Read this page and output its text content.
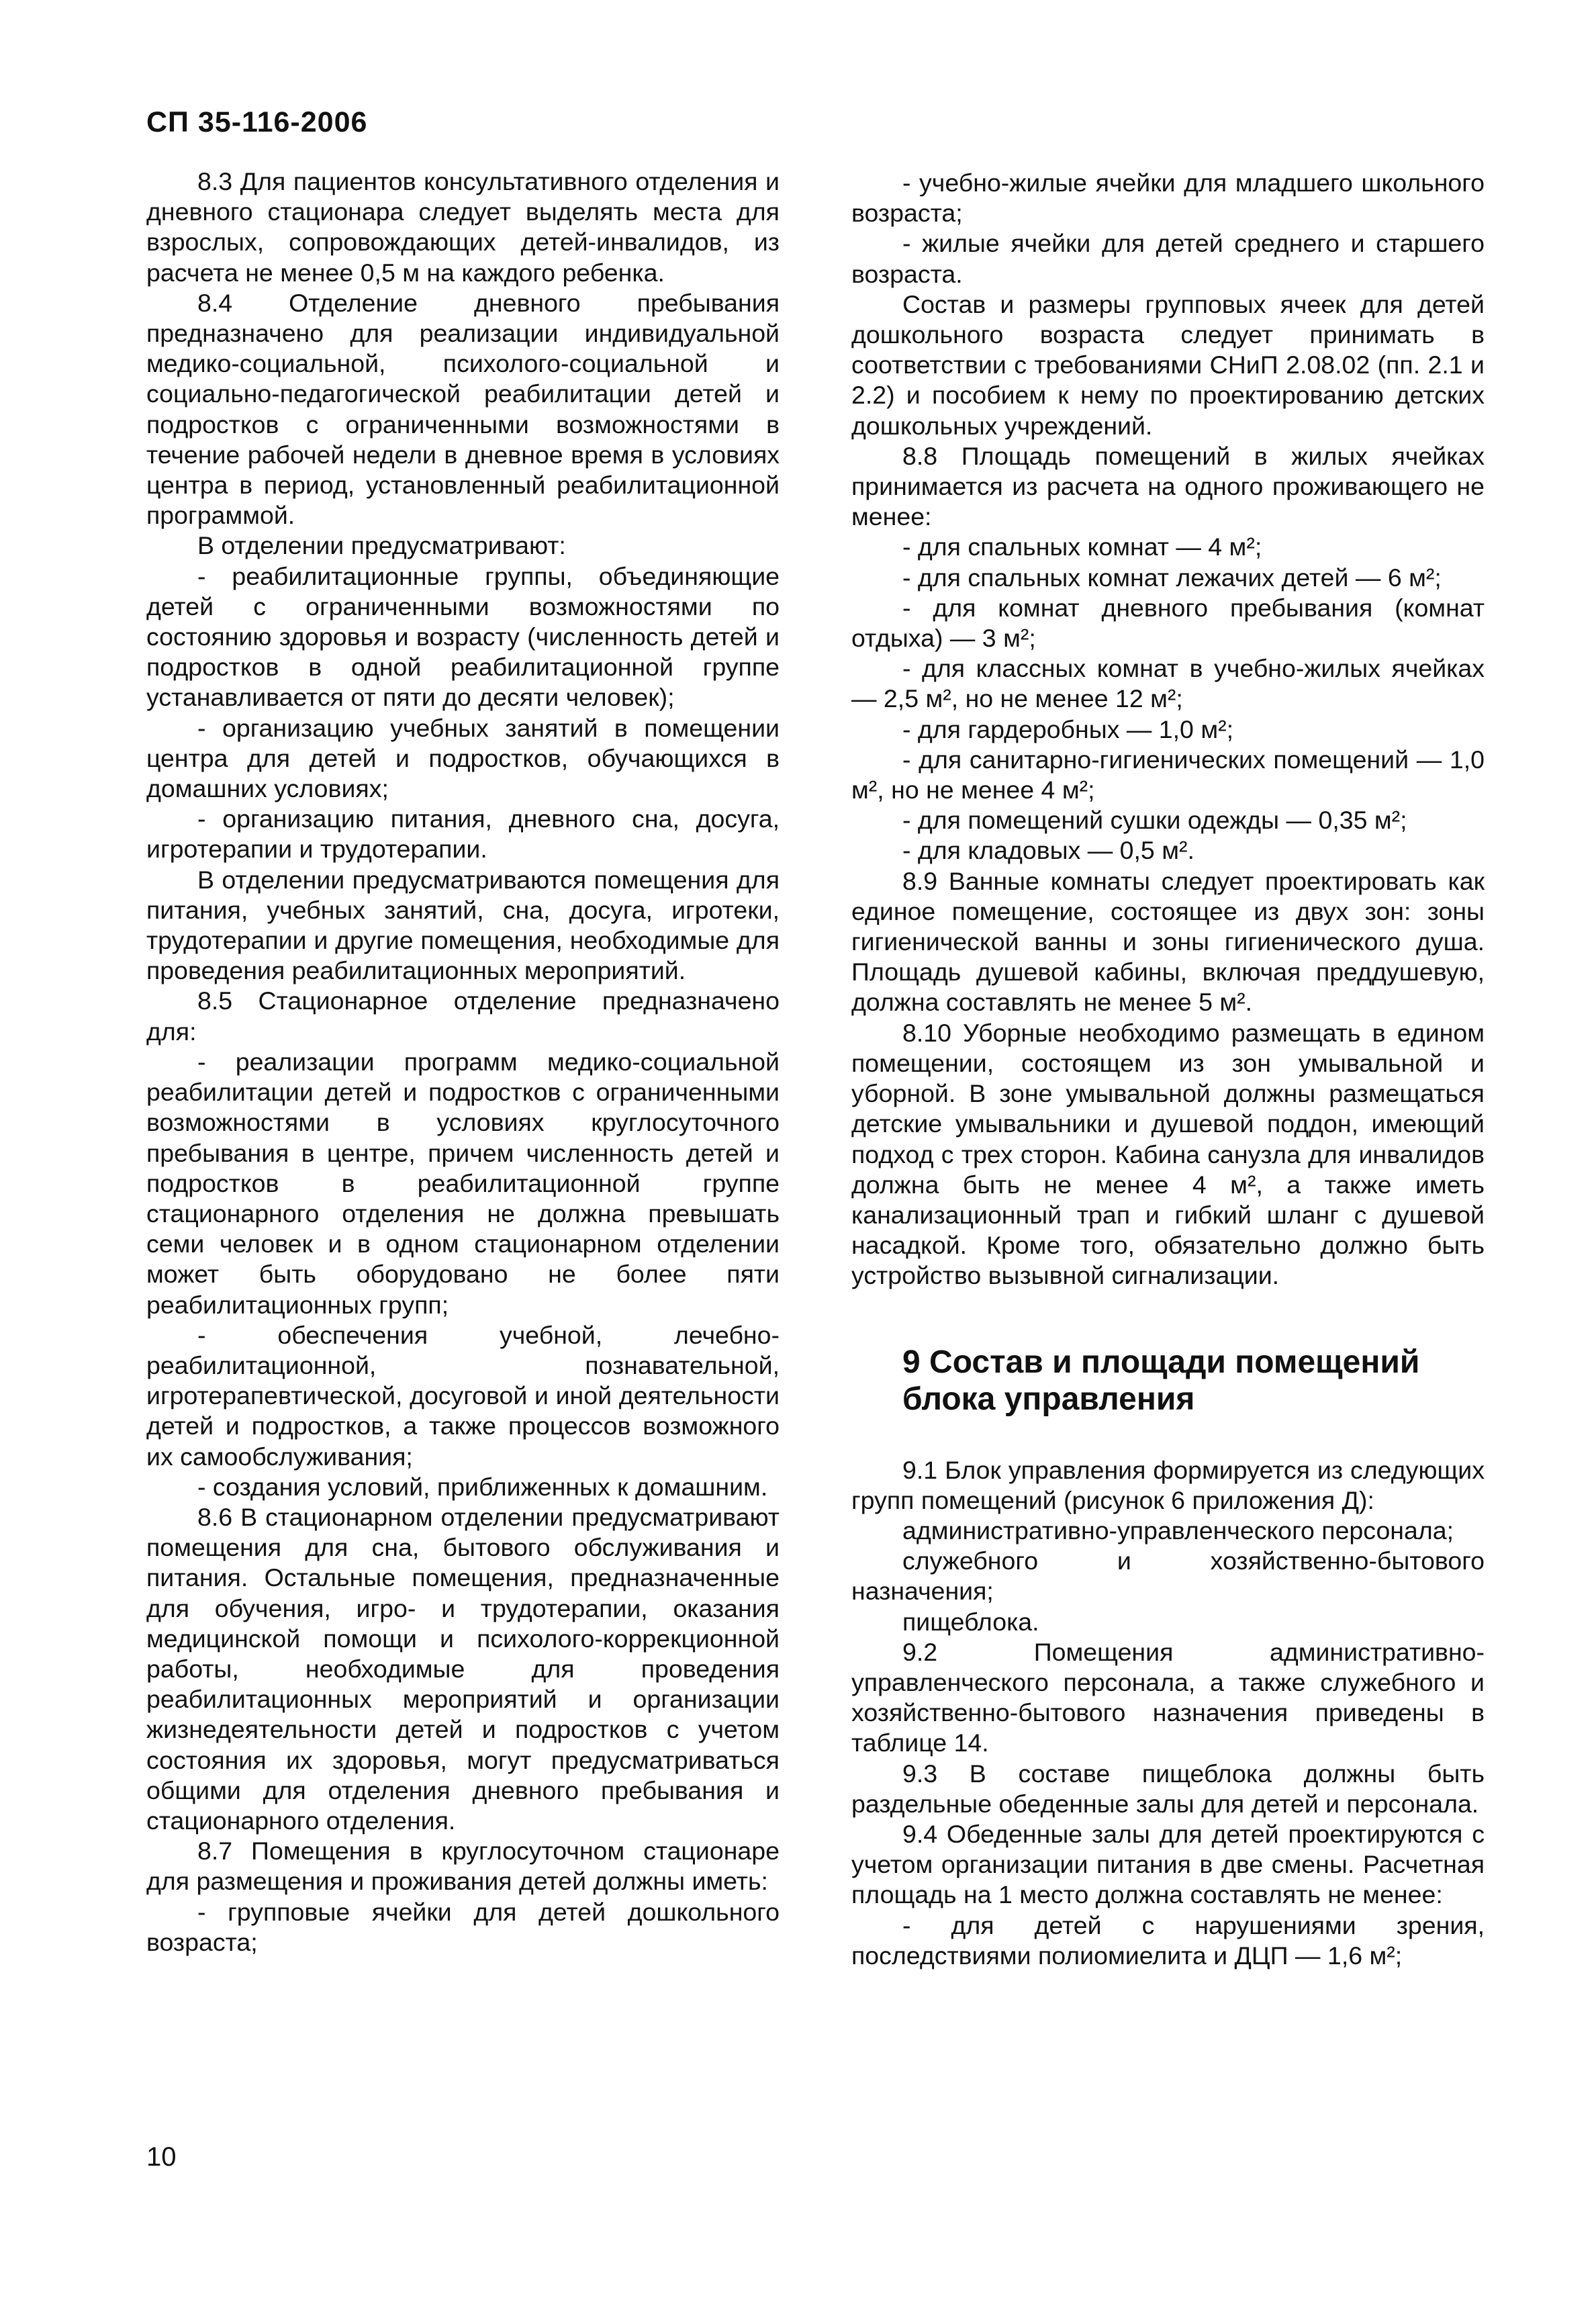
СП 35-116-2006

8.3 Для пациентов консультативного отделения и дневного стационара следует выделять места для взрослых, сопровождающих детей-инвалидов, из расчета не менее 0,5 м на каждого ребенка.

8.4 Отделение дневного пребывания предназначено для реализации индивидуальной медико-социальной, психолого-социальной и социально-педагогической реабилитации детей и подростков с ограниченными возможностями в течение рабочей недели в дневное время в условиях центра в период, установленный реабилитационной программой.

В отделении предусматривают:

- реабилитационные группы, объединяющие детей с ограниченными возможностями по состоянию здоровья и возрасту (численность детей и подростков в одной реабилитационной группе устанавливается от пяти до десяти человек);

- организацию учебных занятий в помещении центра для детей и подростков, обучающихся в домашних условиях;

- организацию питания, дневного сна, досуга, игротерапии и трудотерапии.

В отделении предусматриваются помещения для питания, учебных занятий, сна, досуга, игротеки, трудотерапии и другие помещения, необходимые для проведения реабилитационных мероприятий.

8.5 Стационарное отделение предназначено для:

- реализации программ медико-социальной реабилитации детей и подростков с ограниченными возможностями в условиях круглосуточного пребывания в центре, причем численность детей и подростков в реабилитационной группе стационарного отделения не должна превышать семи человек и в одном стационарном отделении может быть оборудовано не более пяти реабилитационных групп;

- обеспечения учебной, лечебно-реабилитационной, познавательной, игротерапевтической, досуговой и иной деятельности детей и подростков, а также процессов возможного их самообслуживания;

- создания условий, приближенных к домашним.

8.6 В стационарном отделении предусматривают помещения для сна, бытового обслуживания и питания. Остальные помещения, предназначенные для обучения, игро- и трудотерапии, оказания медицинской помощи и психолого-коррекционной работы, необходимые для проведения реабилитационных мероприятий и организации жизнедеятельности детей и подростков с учетом состояния их здоровья, могут предусматриваться общими для отделения дневного пребывания и стационарного отделения.

8.7 Помещения в круглосуточном стационаре для размещения и проживания детей должны иметь:

- групповые ячейки для детей дошкольного возраста;

- учебно-жилые ячейки для младшего школьного возраста;

- жилые ячейки для детей среднего и старшего возраста.

Состав и размеры групповых ячеек для детей дошкольного возраста следует принимать в соответствии с требованиями СНиП 2.08.02 (пп. 2.1 и 2.2) и пособием к нему по проектированию детских дошкольных учреждений.

8.8 Площадь помещений в жилых ячейках принимается из расчета на одного проживающего не менее:

- для спальных комнат — 4 м²;

- для спальных комнат лежачих детей — 6 м²;

- для комнат дневного пребывания (комнат отдыха) — 3 м²;

- для классных комнат в учебно-жилых ячейках — 2,5 м², но не менее 12 м²;

- для гардеробных — 1,0 м²;

- для санитарно-гигиенических помещений — 1,0 м², но не менее 4 м²;

- для помещений сушки одежды — 0,35 м²;

- для кладовых — 0,5 м².

8.9 Ванные комнаты следует проектировать как единое помещение, состоящее из двух зон: зоны гигиенической ванны и зоны гигиенического душа. Площадь душевой кабины, включая преддушевую, должна составлять не менее 5 м².

8.10 Уборные необходимо размещать в едином помещении, состоящем из зон умывальной и уборной. В зоне умывальной должны размещаться детские умывальники и душевой поддон, имеющий подход с трех сторон. Кабина санузла для инвалидов должна быть не менее 4 м², а также иметь канализационный трап и гибкий шланг с душевой насадкой. Кроме того, обязательно должно быть устройство вызывной сигнализации.

9 Состав и площади помещений блока управления

9.1 Блок управления формируется из следующих групп помещений (рисунок 6 приложения Д):

административно-управленческого персонала;

служебного и хозяйственно-бытового назначения;

пищеблока.

9.2 Помещения административно-управленческого персонала, а также служебного и хозяйственно-бытового назначения приведены в таблице 14.

9.3 В составе пищеблока должны быть раздельные обеденные залы для детей и персонала.

9.4 Обеденные залы для детей проектируются с учетом организации питания в две смены. Расчетная площадь на 1 место должна составлять не менее:

- для детей с нарушениями зрения, последствиями полиомиелита и ДЦП — 1,6 м²;

10
